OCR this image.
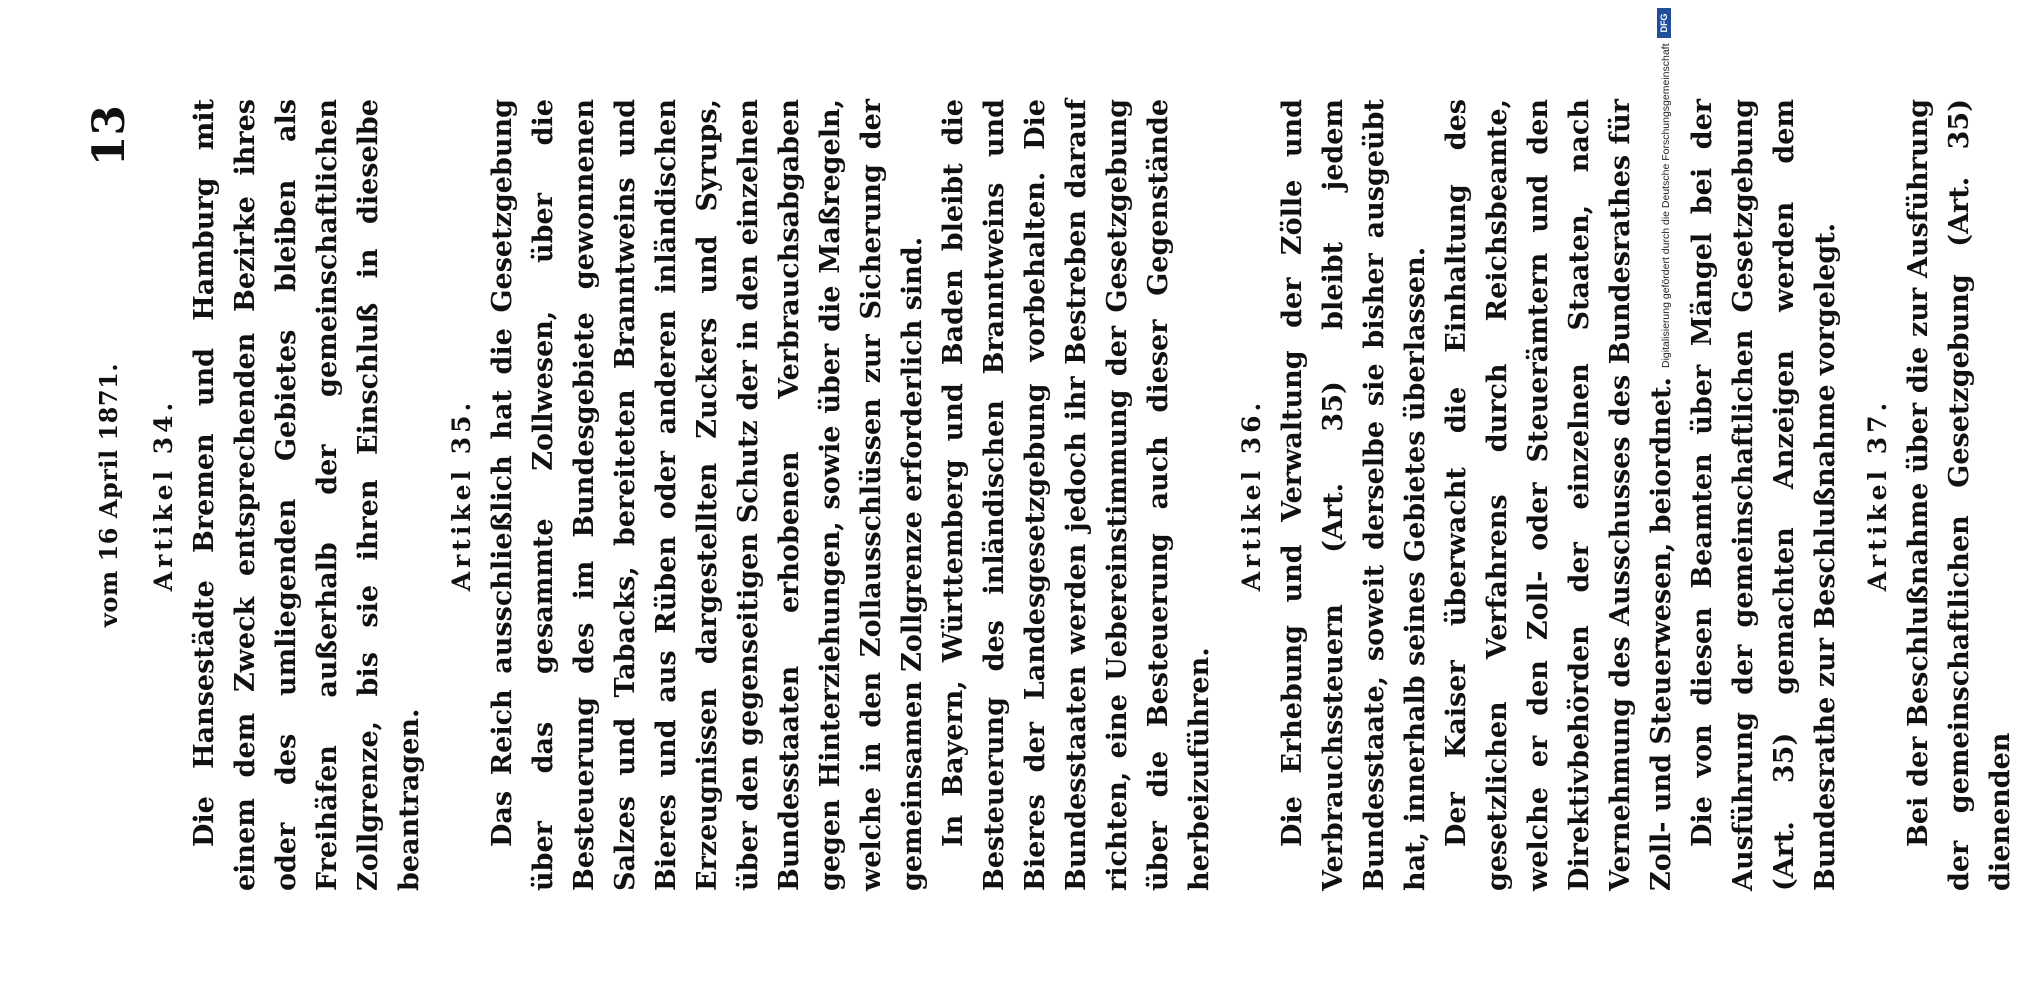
vom 16 April 1871.
13
Artikel 34. Die Hansestädte Bremen und Hamburg mit einem dem Zweck entsprechenden Bezirke ihres oder des umliegenden Gebietes bleiben als Freihäfen außerhalb der gemeinschaftlichen Zollgrenze, bis sie ihren Einschluß in dieselbe beantragen.

Artikel 35. Das Reich ausschließlich hat die Gesetzgebung über das gesammte Zollwesen, über die Besteuerung des im Bundesgebiete gewonnenen Salzes und Tabacks, bereiteten Branntweins und Bieres und aus Rüben oder anderen inländischen Erzeugnissen dargestellten Zuckers und Syrups, über den gegenseitigen Schutz der in den einzelnen Bundesstaaten erhobenen Verbrauchsabgaben gegen Hinterziehungen, sowie über die Maßregeln, welche in den Zollausschlüssen zur Sicherung der gemeinsamen Zollgrenze erforderlich sind. In Bayern, Württemberg und Baden bleibt die Besteuerung des inländischen Branntweins und Bieres der Landesgesetzgebung vorbehalten. Die Bundesstaaten werden jedoch ihr Bestreben darauf richten, eine Uebereinstimmung der Gesetzgebung über die Besteuerung auch dieser Gegenstände herbeizuführen.

Artikel 36. Die Erhebung und Verwaltung der Zölle und Verbrauchssteuern (Art. 35) bleibt jedem Bundesstaate, soweit derselbe sie bisher ausgeübt hat, innerhalb seines Gebietes überlassen. Der Kaiser überwacht die Einhaltung des gesetzlichen Verfahrens durch Reichsbeamte, welche er den Zoll- oder Steuerämtern und den Direktivbehörden der einzelnen Staaten, nach Vernehmung des Ausschusses des Bundesrathes für Zoll- und Steuerwesen, beiordnet. Die von diesen Beamten über Mängel bei der Ausführung der gemeinschaftlichen Gesetzgebung (Art. 35) gemachten Anzeigen werden dem Bundesrathe zur Beschlußnahme vorgelegt. Artikel 37. Bei der Beschlußnahme über die zur Ausführung der gemeinschaftlichen Gesetzgebung (Art. 35) dienenden

Digitalisierung gefördert durch die Deutsche Forschungsgemeinschaft
DFG
